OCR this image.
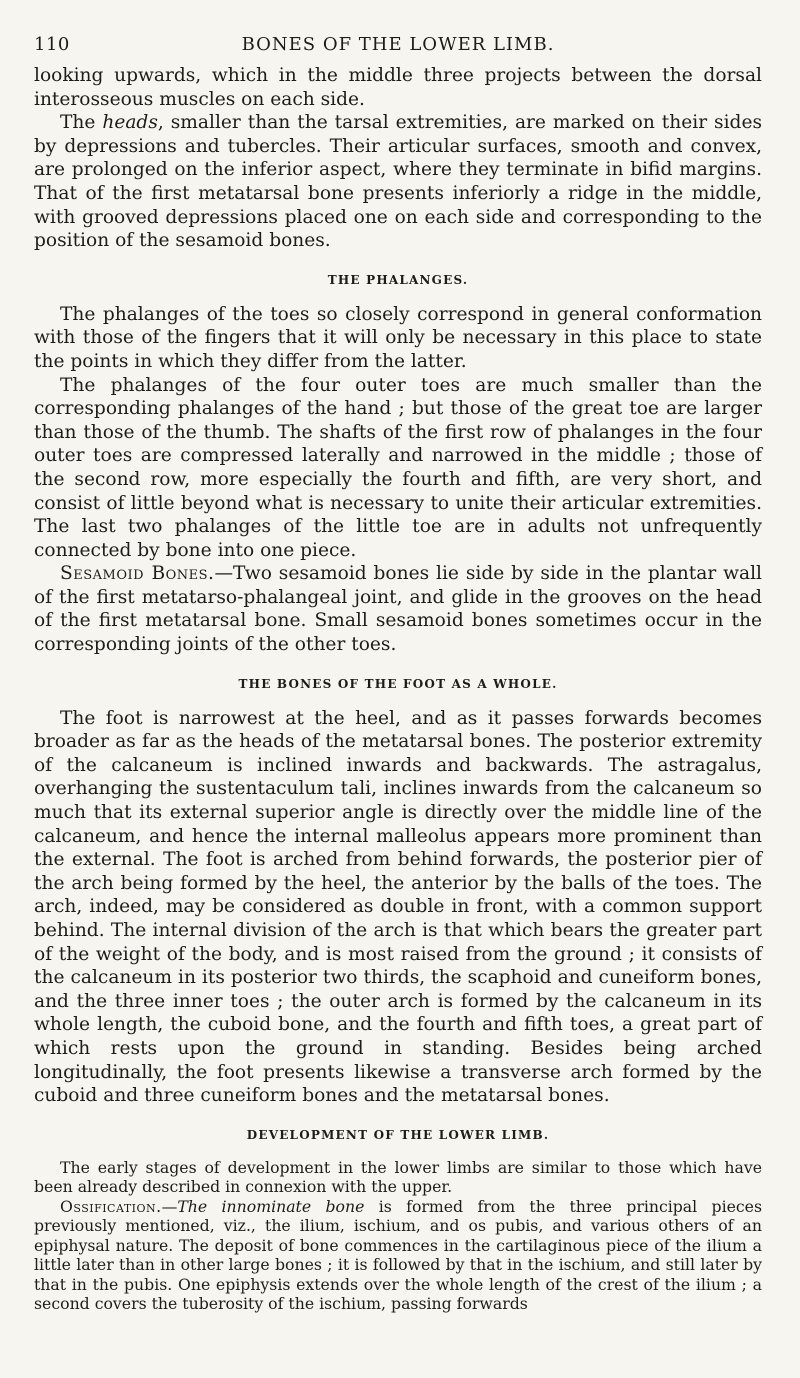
110	BONES OF THE LOWER LIMB.

looking upwards, which in the middle three projects between the dorsal interosseous muscles on each side.

The heads, smaller than the tarsal extremities, are marked on their sides by depressions and tubercles. Their articular surfaces, smooth and convex, are prolonged on the inferior aspect, where they terminate in bifid margins. That of the first metatarsal bone presents inferiorly a ridge in the middle, with grooved depressions placed one on each side and corresponding to the position of the sesamoid bones.

THE PHALANGES.

The phalanges of the toes so closely correspond in general conformation with those of the fingers that it will only be necessary in this place to state the points in which they differ from the latter.

The phalanges of the four outer toes are much smaller than the corresponding phalanges of the hand ; but those of the great toe are larger than those of the thumb. The shafts of the first row of phalanges in the four outer toes are compressed laterally and narrowed in the middle ; those of the second row, more especially the fourth and fifth, are very short, and consist of little beyond what is necessary to unite their articular extremities. The last two phalanges of the little toe are in adults not unfrequently connected by bone into one piece.

Sesamoid Bones.—Two sesamoid bones lie side by side in the plantar wall of the first metatarso-phalangeal joint, and glide in the grooves on the head of the first metatarsal bone. Small sesamoid bones sometimes occur in the corresponding joints of the other toes.

THE BONES OF THE FOOT AS A WHOLE.

The foot is narrowest at the heel, and as it passes forwards becomes broader as far as the heads of the metatarsal bones. The posterior extremity of the calcaneum is inclined inwards and backwards. The astragalus, overhanging the sustentaculum tali, inclines inwards from the calcaneum so much that its external superior angle is directly over the middle line of the calcaneum, and hence the internal malleolus appears more prominent than the external. The foot is arched from behind forwards, the posterior pier of the arch being formed by the heel, the anterior by the balls of the toes. The arch, indeed, may be considered as double in front, with a common support behind. The internal division of the arch is that which bears the greater part of the weight of the body, and is most raised from the ground ; it consists of the calcaneum in its posterior two thirds, the scaphoid and cuneiform bones, and the three inner toes ; the outer arch is formed by the calcaneum in its whole length, the cuboid bone, and the fourth and fifth toes, a great part of which rests upon the ground in standing. Besides being arched longitudinally, the foot presents likewise a transverse arch formed by the cuboid and three cuneiform bones and the metatarsal bones.

DEVELOPMENT OF THE LOWER LIMB.

The early stages of development in the lower limbs are similar to those which have been already described in connexion with the upper.

Ossification.—The innominate bone is formed from the three principal pieces previously mentioned, viz., the ilium, ischium, and os pubis, and various others of an epiphysal nature. The deposit of bone commences in the cartilaginous piece of the ilium a little later than in other large bones ; it is followed by that in the ischium, and still later by that in the pubis. One epiphysis extends over the whole length of the crest of the ilium ; a second covers the tuberosity of the ischium, passing forwards
